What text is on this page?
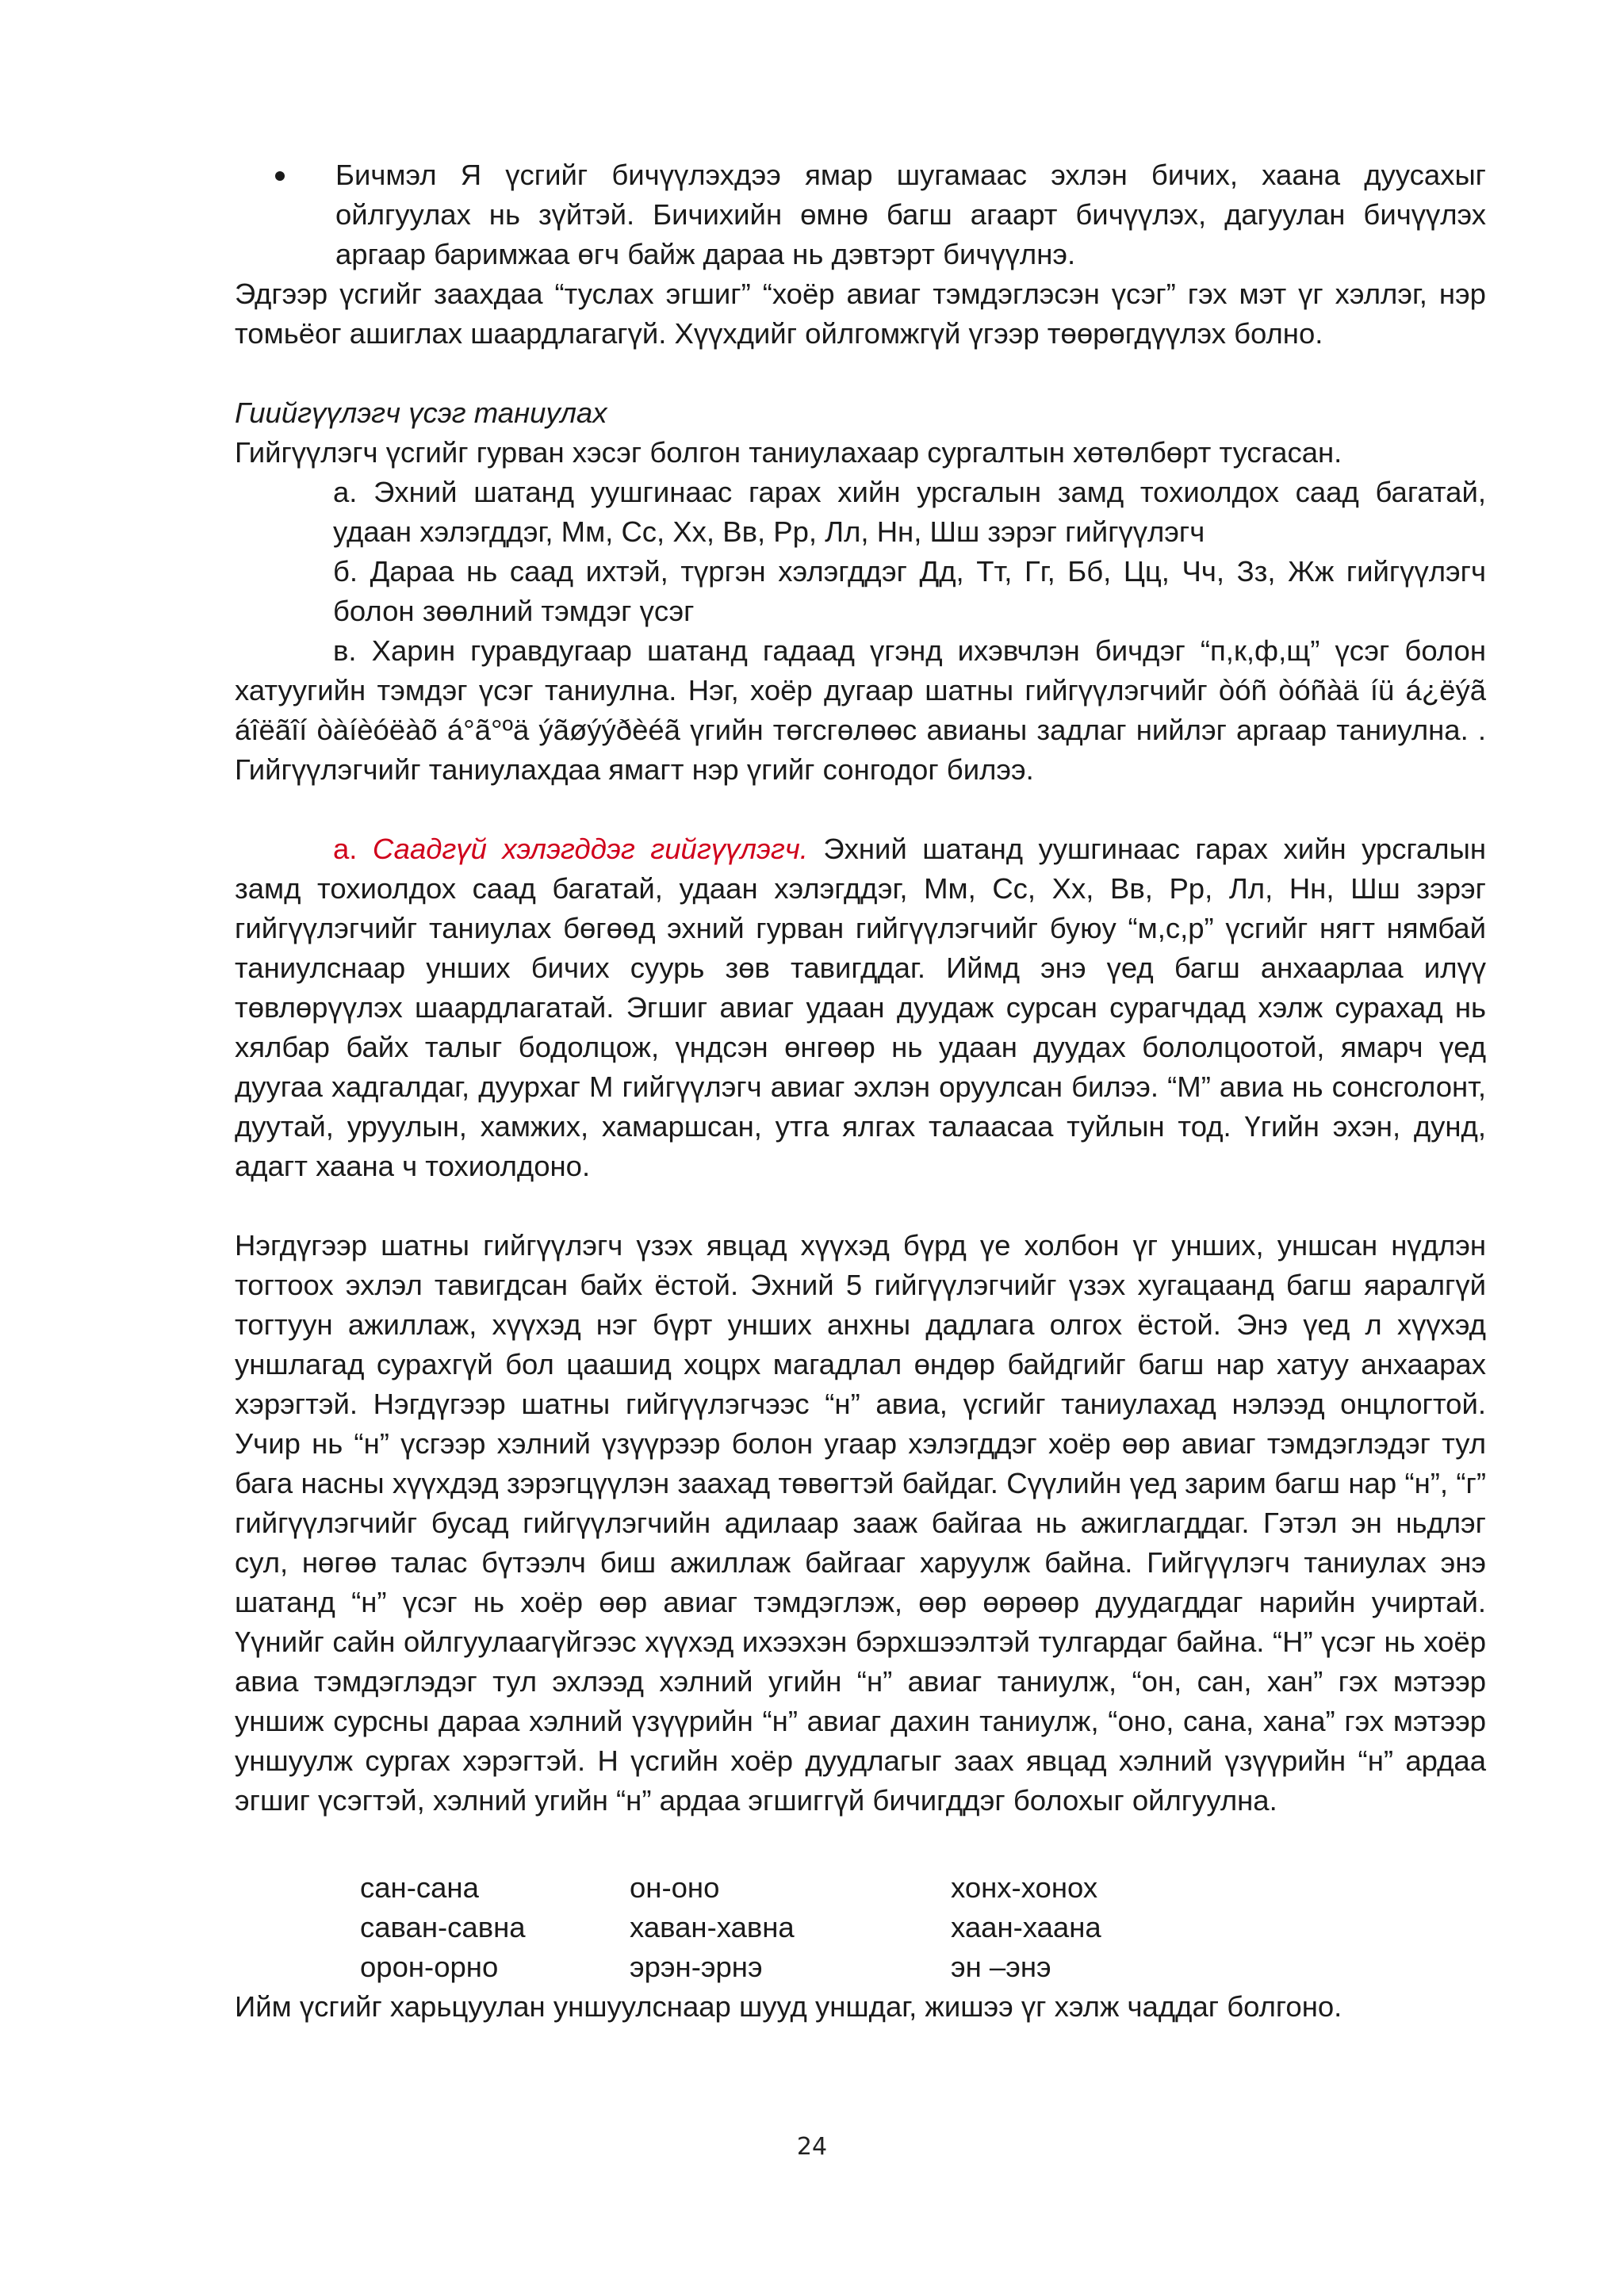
Бичмэл Я үсгийг бичүүлэхдээ ямар шугамаас эхлэн бичих, хаана дуусахыг ойлгуулах нь зүйтэй. Бичихийн өмнө багш агаарт бичүүлэх, дагуулан бичүүлэх аргаар баримжаа өгч байж дараа нь дэвтэрт бичүүлнэ.

Эдгээр үсгийг заахдаа “туслах эгшиг” “хоёр авиаг тэмдэглэсэн үсэг” гэх мэт үг хэллэг, нэр томьёог ашиглах шаардлагагүй. Хүүхдийг ойлгомжгүй үгээр төөрөгдүүлэх болно.

Гиийгүүлэгч үсэг таниулах

Гийгүүлэгч үсгийг гурван хэсэг болгон таниулахаар сургалтын хөтөлбөрт тусгасан.

а. Эхний шатанд уушгинаас гарах хийн урсгалын замд тохиолдох саад багатай, удаан хэлэгддэг, Мм, Сс, Хх, Вв, Рр, Лл, Нн, Шш зэрэг гийгүүлэгч
б. Дараа нь саад ихтэй, түргэн хэлэгддэг Дд, Тт, Гг, Бб, Цц, Чч, Зз, Жж гийгүүлэгч болон зөөлний тэмдэг үсэг

в. Харин гуравдугаар шатанд гадаад үгэнд ихэвчлэн бичдэг “п,к,ф,щ” үсэг болон хатуугийн тэмдэг үсэг таниулна. Нэг, хоёр дугаар шатны гийгүүлэгчийг òóñ òóñàä íü á¿ëýã áîëãîí òàíèóëàõ á°ã°ºä ýãøýýðèéã үгийн төгсгөлөөс авианы задлаг нийлэг аргаар таниулна. . Гийгүүлэгчийг таниулахдаа ямагт нэр үгийг сонгодог билээ.

а. Саадгүй хэлэгддэг гийгүүлэгч. Эхний шатанд уушгинаас гарах хийн урсгалын замд тохиолдох саад багатай, удаан хэлэгддэг, Мм, Сс, Хх, Вв, Рр, Лл, Нн, Шш зэрэг гийгүүлэгчийг таниулах бөгөөд эхний гурван гийгүүлэгчийг буюу “м,с,р” үсгийг нягт нямбай таниулснаар унших бичих суурь зөв тавигддаг. Иймд энэ үед багш анхаарлаа илүү төвлөрүүлэх шаардлагатай. Эгшиг авиаг удаан дуудаж сурсан сурагчдад хэлж сурахад нь хялбар байх талыг бодолцож, үндсэн өнгөөр нь удаан дуудах бололцоотой, ямарч үед дуугаа хадгалдаг, дуурхаг М гийгүүлэгч авиаг эхлэн оруулсан билээ. “М” авиа нь сонсголонт, дуутай, уруулын, хамжих, хамаршсан, утга ялгах талаасаа туйлын тод. Үгийн эхэн, дунд, адагт хаана ч тохиолдоно.

Нэгдүгээр шатны гийгүүлэгч үзэх явцад хүүхэд бүрд үе холбон үг унших, уншсан нүдлэн тогтоох эхлэл тавигдсан байх ёстой. Эхний 5 гийгүүлэгчийг үзэх хугацаанд багш яаралгүй тогтуун ажиллаж, хүүхэд нэг бүрт унших анхны дадлага олгох ёстой. Энэ үед л хүүхэд уншлагад сурахгүй бол цаашид хоцрх магадлал өндөр байдгийг багш нар хатуу анхаарах хэрэгтэй. Нэгдүгээр шатны гийгүүлэгчээс “н” авиа, үсгийг таниулахад нэлээд онцлогтой. Учир нь “н” үсгээр хэлний үзүүрээр болон угаар хэлэгддэг хоёр өөр авиаг тэмдэглэдэг тул бага насны хүүхдэд зэрэгцүүлэн заахад төвөгтэй байдаг. Сүүлийн үед зарим багш нар “н”, “г” гийгүүлэгчийг бусад гийгүүлэгчийн адилаар зааж байгаа нь ажиглагддаг. Гэтэл эн ньдлэг сул, нөгөө талас бүтээлч биш ажиллаж байгааг харуулж байна. Гийгүүлэгч таниулах энэ шатанд “н” үсэг нь хоёр өөр авиаг тэмдэглэж, өөр өөрөөр дуудагддаг нарийн учиртай. Үүнийг сайн ойлгуулаагүйгээс хүүхэд ихээхэн бэрхшээлтэй тулгардаг байна. “Н” үсэг нь хоёр авиа тэмдэглэдэг тул эхлээд хэлний угийн “н” авиаг таниулж, “он, сан, хан” гэх мэтээр уншиж сурсны дараа хэлний үзүүрийн “н” авиаг дахин таниулж, “оно, сана, хана” гэх мэтээр уншуулж сургах хэрэгтэй. Н үсгийн хоёр дуудлагыг заах явцад хэлний үзүүрийн “н” ардаа эгшиг үсэгтэй, хэлний угийн “н” ардаа эгшиггүй бичигддэг болохыг ойлгуулна.

сан-сана	он-оно	хонх-хонох
саван-савна	хаван-хавна	хаан-хаана
орон-орно	эрэн-эрнэ	эн –энэ

Ийм үсгийг харьцуулан уншуулснаар шууд уншдаг, жишээ үг хэлж чаддаг болгоно.

24
